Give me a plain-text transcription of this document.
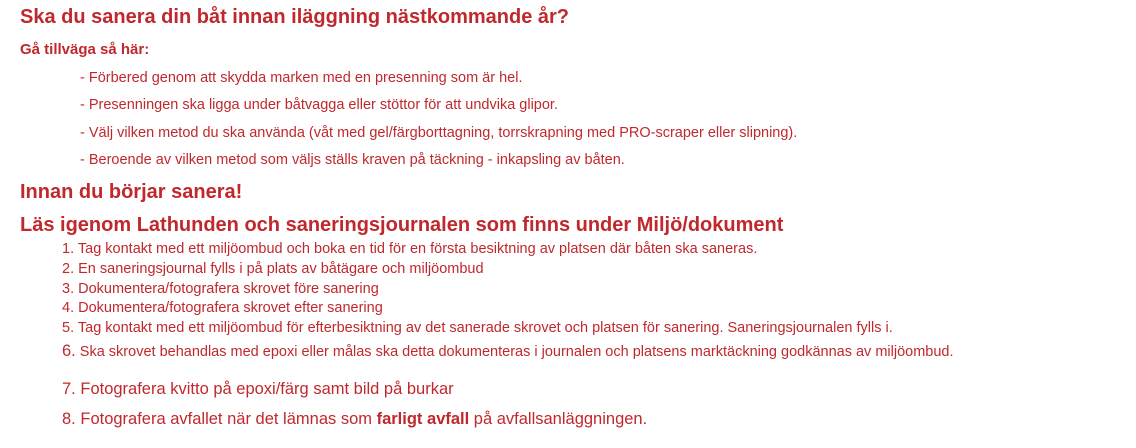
Ska du sanera din båt innan iläggning nästkommande år?
Gå tillväga så här:
- Förbered genom att skydda marken med en presenning som är hel.
- Presenningen ska ligga under båtvagga eller stöttor för att undvika glipor.
- Välj vilken metod du ska använda (våt med gel/färgborttagning, torrskrapning med PRO-scraper eller slipning).
- Beroende av vilken metod som väljs ställs kraven på täckning - inkapsling av båten.
Innan du börjar sanera!
Läs igenom Lathunden och saneringsjournalen som finns under Miljö/dokument
1. Tag kontakt med ett miljöombud och boka en tid för en första besiktning av platsen där båten ska saneras.
2. En saneringsjournal fylls i på plats av båtägare och miljöombud
3. Dokumentera/fotografera skrovet före sanering
4. Dokumentera/fotografera skrovet efter sanering
5. Tag kontakt med ett miljöombud för efterbesiktning av det sanerade skrovet och platsen för sanering. Saneringsjournalen fylls i.
6. Ska skrovet behandlas med epoxi eller målas ska detta dokumenteras i journalen och platsens marktäckning godkännas av miljöombud.
7. Fotografera kvitto på epoxi/färg samt bild på burkar
8. Fotografera avfallet när det lämnas som farligt avfall på avfallsanläggningen.
